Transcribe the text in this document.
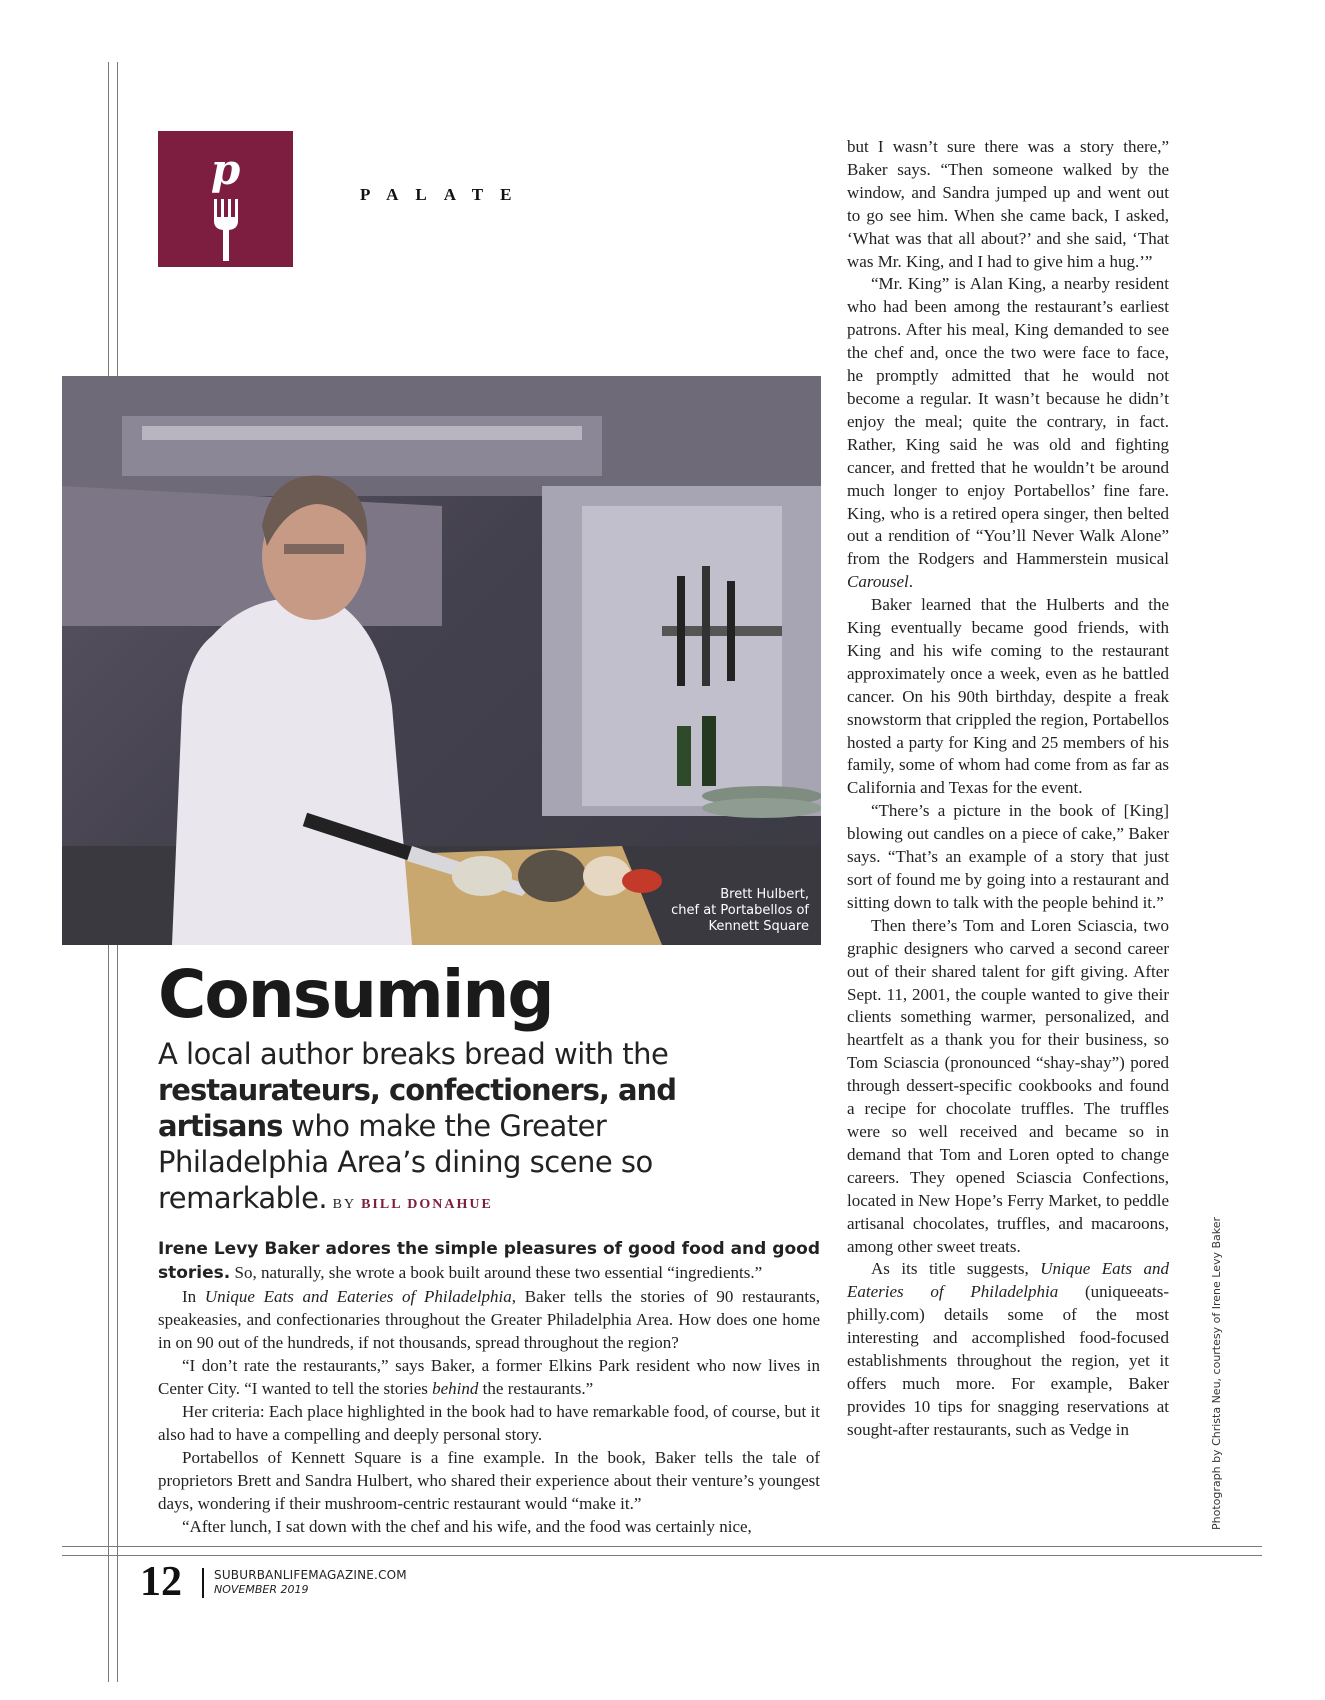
p
PALATE
Brett Hulbert,
chef at Portabellos of
Kennett Square
Consuming
A local author breaks bread with the restaurateurs, confectioners, and artisans who make the Greater Philadelphia Area’s dining scene so remarkable. BY BILL DONAHUE

Irene Levy Baker adores the simple pleasures of good food and good stories. So, naturally, she wrote a book built around these two essential “ingredients.”

In Unique Eats and Eateries of Philadelphia, Baker tells the stories of 90 restaurants, speakeasies, and confectionaries throughout the Greater Philadelphia Area. How does one home in on 90 out of the hundreds, if not thousands, spread throughout the region?

“I don’t rate the restaurants,” says Baker, a former Elkins Park resident who now lives in Center City. “I wanted to tell the stories behind the restaurants.”

Her criteria: Each place highlighted in the book had to have remarkable food, of course, but it also had to have a compelling and deeply personal story.

Portabellos of Kennett Square is a fine example. In the book, Baker tells the tale of proprietors Brett and Sandra Hulbert, who shared their experience about their venture’s youngest days, wondering if their mushroom-centric restaurant would “make it.”

“After lunch, I sat down with the chef and his wife, and the food was certainly nice,

but I wasn’t sure there was a story there,” Baker says. “Then someone walked by the window, and Sandra jumped up and went out to go see him. When she came back, I asked, ‘What was that all about?’ and she said, ‘That was Mr. King, and I had to give him a hug.’”

“Mr. King” is Alan King, a nearby resident who had been among the restaurant’s earliest patrons. After his meal, King demanded to see the chef and, once the two were face to face, he promptly admitted that he would not become a regular. It wasn’t because he didn’t enjoy the meal; quite the contrary, in fact. Rather, King said he was old and fighting cancer, and fretted that he wouldn’t be around much longer to enjoy Portabellos’ fine fare. King, who is a retired opera singer, then belted out a rendition of “You’ll Never Walk Alone” from the Rodgers and Hammerstein musical Carousel.

Baker learned that the Hulberts and the King eventually became good friends, with King and his wife coming to the restaurant approximately once a week, even as he battled cancer. On his 90th birthday, despite a freak snowstorm that crippled the region, Portabellos hosted a party for King and 25 members of his family, some of whom had come from as far as California and Texas for the event.

“There’s a picture in the book of [King] blowing out candles on a piece of cake,” Baker says. “That’s an example of a story that just sort of found me by going into a restaurant and sitting down to talk with the people behind it.”

Then there’s Tom and Loren Sciascia, two graphic designers who carved a second career out of their shared talent for gift giving. After Sept. 11, 2001, the couple wanted to give their clients something warmer, personalized, and heartfelt as a thank you for their business, so Tom Sciascia (pronounced “shay-shay”) pored through dessert-specific cookbooks and found a recipe for chocolate truffles. The truffles were so well received and became so in demand that Tom and Loren opted to change careers. They opened Sciascia Confections, located in New Hope’s Ferry Market, to peddle artisanal chocolates, truffles, and macaroons, among other sweet treats.

As its title suggests, Unique Eats and Eateries of Philadelphia (uniqueeats-philly.com) details some of the most interesting and accomplished food-focused establishments throughout the region, yet it offers much more. For example, Baker provides 10 tips for snagging reservations at sought-after restaurants, such as Vedge in	Photograph by Christa Neu, courtesy of Irene Levy Baker
12	SUBURBANLIFEMAGAZINE.COM
NOVEMBER 2019
